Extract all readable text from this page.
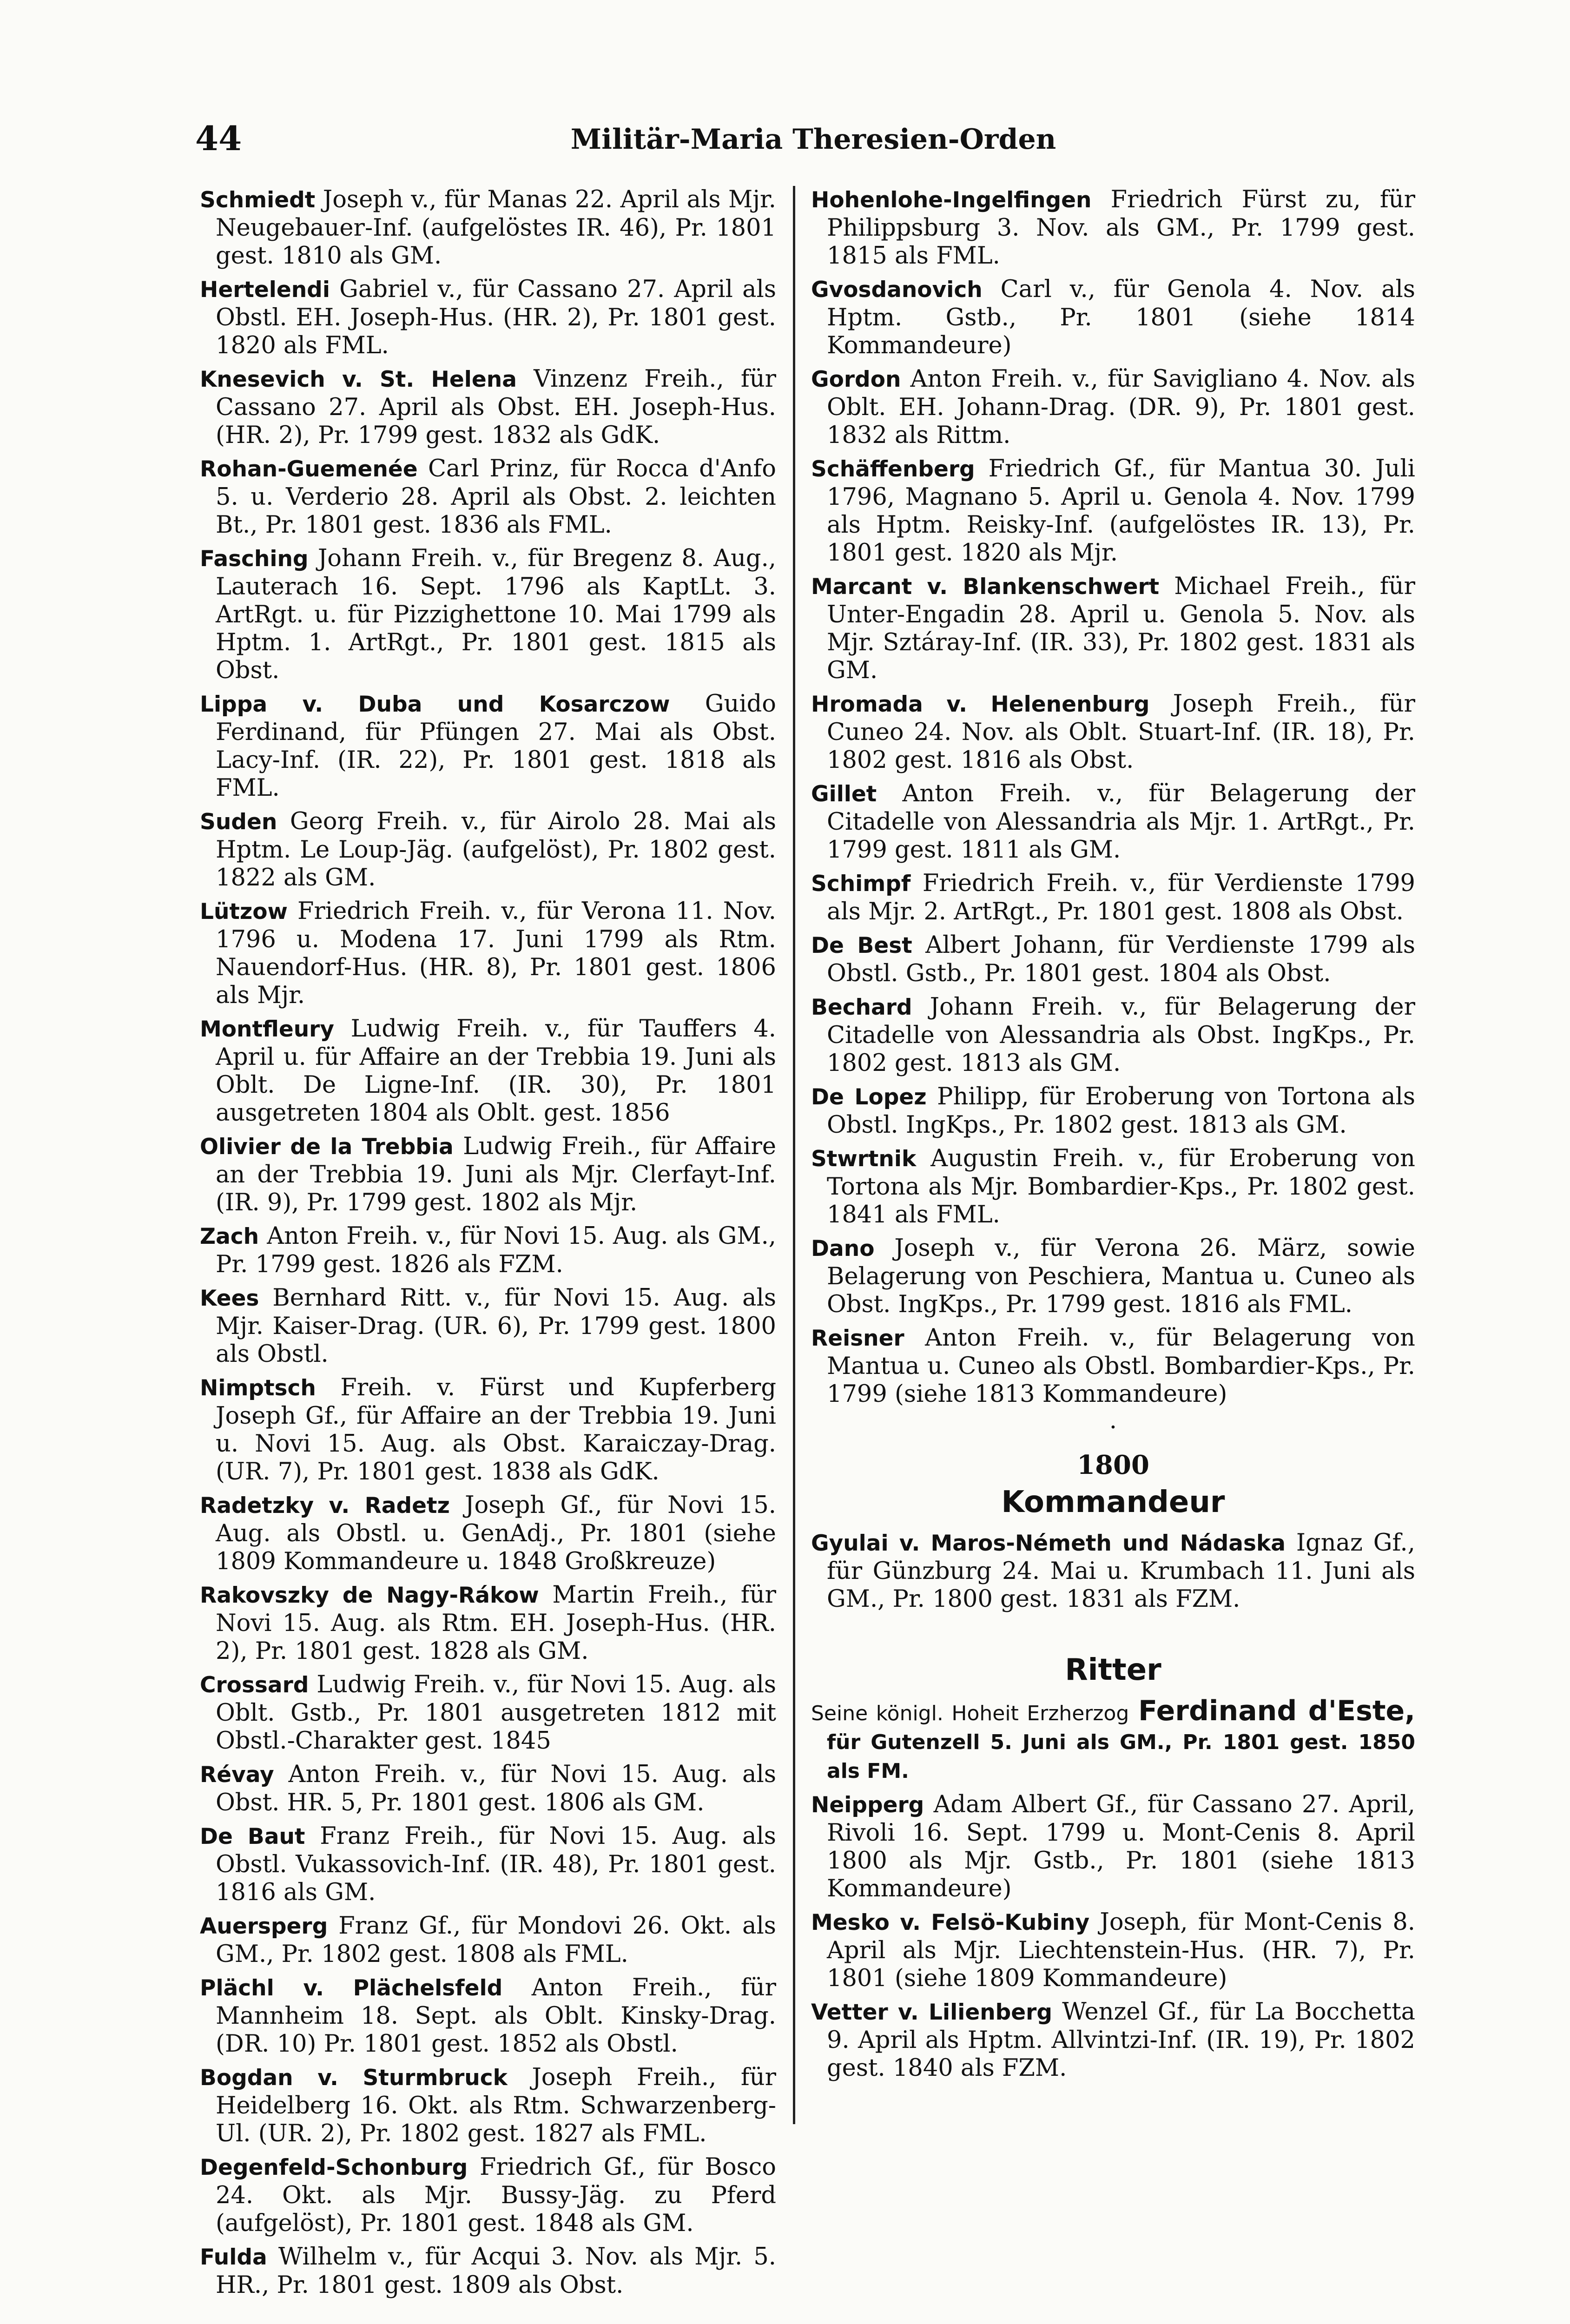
44	Militär-Maria Theresien-Orden

Schmiedt Joseph v., für Manas 22. April als Mjr. Neugebauer-Inf. (aufgelöstes IR. 46), Pr. 1801 gest. 1810 als GM.

Hertelendi Gabriel v., für Cassano 27. April als Obstl. EH. Joseph-Hus. (HR. 2), Pr. 1801 gest. 1820 als FML.

Knesevich v. St. Helena Vinzenz Freih., für Cassano 27. April als Obst. EH. Joseph-Hus. (HR. 2), Pr. 1799 gest. 1832 als GdK.

Rohan-Guemenée Carl Prinz, für Rocca d'Anfo 5. u. Verderio 28. April als Obst. 2. leichten Bt., Pr. 1801 gest. 1836 als FML.

Fasching Johann Freih. v., für Bregenz 8. Aug., Lauterach 16. Sept. 1796 als KaptLt. 3. ArtRgt. u. für Pizzighettone 10. Mai 1799 als Hptm. 1. ArtRgt., Pr. 1801 gest. 1815 als Obst.

Lippa v. Duba und Kosarczow Guido Ferdinand, für Pfüngen 27. Mai als Obst. Lacy-Inf. (IR. 22), Pr. 1801 gest. 1818 als FML.

Suden Georg Freih. v., für Airolo 28. Mai als Hptm. Le Loup-Jäg. (aufgelöst), Pr. 1802 gest. 1822 als GM.

Lützow Friedrich Freih. v., für Verona 11. Nov. 1796 u. Modena 17. Juni 1799 als Rtm. Nauendorf-Hus. (HR. 8), Pr. 1801 gest. 1806 als Mjr.

Montfleury Ludwig Freih. v., für Tauffers 4. April u. für Affaire an der Trebbia 19. Juni als Oblt. De Ligne-Inf. (IR. 30), Pr. 1801 ausgetreten 1804 als Oblt. gest. 1856

Olivier de la Trebbia Ludwig Freih., für Affaire an der Trebbia 19. Juni als Mjr. Clerfayt-Inf. (IR. 9), Pr. 1799 gest. 1802 als Mjr.

Zach Anton Freih. v., für Novi 15. Aug. als GM., Pr. 1799 gest. 1826 als FZM.

Kees Bernhard Ritt. v., für Novi 15. Aug. als Mjr. Kaiser-Drag. (UR. 6), Pr. 1799 gest. 1800 als Obstl.

Nimptsch Freih. v. Fürst und Kupferberg Joseph Gf., für Affaire an der Trebbia 19. Juni u. Novi 15. Aug. als Obst. Karaiczay-Drag. (UR. 7), Pr. 1801 gest. 1838 als GdK.

Radetzky v. Radetz Joseph Gf., für Novi 15. Aug. als Obstl. u. GenAdj., Pr. 1801 (siehe 1809 Kommandeure u. 1848 Großkreuze)

Rakovszky de Nagy-Rákow Martin Freih., für Novi 15. Aug. als Rtm. EH. Joseph-Hus. (HR. 2), Pr. 1801 gest. 1828 als GM.

Crossard Ludwig Freih. v., für Novi 15. Aug. als Oblt. Gstb., Pr. 1801 ausgetreten 1812 mit Obstl.-Charakter gest. 1845

Révay Anton Freih. v., für Novi 15. Aug. als Obst. HR. 5, Pr. 1801 gest. 1806 als GM.

De Baut Franz Freih., für Novi 15. Aug. als Obstl. Vukassovich-Inf. (IR. 48), Pr. 1801 gest. 1816 als GM.

Auersperg Franz Gf., für Mondovi 26. Okt. als GM., Pr. 1802 gest. 1808 als FML.

Plächl v. Plächelsfeld Anton Freih., für Mannheim 18. Sept. als Oblt. Kinsky-Drag. (DR. 10) Pr. 1801 gest. 1852 als Obstl.

Bogdan v. Sturmbruck Joseph Freih., für Heidelberg 16. Okt. als Rtm. Schwarzenberg-Ul. (UR. 2), Pr. 1802 gest. 1827 als FML.

Degenfeld-Schonburg Friedrich Gf., für Bosco 24. Okt. als Mjr. Bussy-Jäg. zu Pferd (aufgelöst), Pr. 1801 gest. 1848 als GM.

Fulda Wilhelm v., für Acqui 3. Nov. als Mjr. 5. HR., Pr. 1801 gest. 1809 als Obst.

Hohenlohe-Ingelfingen Friedrich Fürst zu, für Philippsburg 3. Nov. als GM., Pr. 1799 gest. 1815 als FML.

Gvosdanovich Carl v., für Genola 4. Nov. als Hptm. Gstb., Pr. 1801 (siehe 1814 Kommandeure)

Gordon Anton Freih. v., für Savigliano 4. Nov. als Oblt. EH. Johann-Drag. (DR. 9), Pr. 1801 gest. 1832 als Rittm.

Schäffenberg Friedrich Gf., für Mantua 30. Juli 1796, Magnano 5. April u. Genola 4. Nov. 1799 als Hptm. Reisky-Inf. (aufgelöstes IR. 13), Pr. 1801 gest. 1820 als Mjr.

Marcant v. Blankenschwert Michael Freih., für Unter-Engadin 28. April u. Genola 5. Nov. als Mjr. Sztáray-Inf. (IR. 33), Pr. 1802 gest. 1831 als GM.

Hromada v. Helenenburg Joseph Freih., für Cuneo 24. Nov. als Oblt. Stuart-Inf. (IR. 18), Pr. 1802 gest. 1816 als Obst.

Gillet Anton Freih. v., für Belagerung der Citadelle von Alessandria als Mjr. 1. ArtRgt., Pr. 1799 gest. 1811 als GM.

Schimpf Friedrich Freih. v., für Verdienste 1799 als Mjr. 2. ArtRgt., Pr. 1801 gest. 1808 als Obst.

De Best Albert Johann, für Verdienste 1799 als Obstl. Gstb., Pr. 1801 gest. 1804 als Obst.

Bechard Johann Freih. v., für Belagerung der Citadelle von Alessandria als Obst. IngKps., Pr. 1802 gest. 1813 als GM.

De Lopez Philipp, für Eroberung von Tortona als Obstl. IngKps., Pr. 1802 gest. 1813 als GM.

Stwrtnik Augustin Freih. v., für Eroberung von Tortona als Mjr. Bombardier-Kps., Pr. 1802 gest. 1841 als FML.

Dano Joseph v., für Verona 26. März, sowie Belagerung von Peschiera, Mantua u. Cuneo als Obst. IngKps., Pr. 1799 gest. 1816 als FML.

Reisner Anton Freih. v., für Belagerung von Mantua u. Cuneo als Obstl. Bombardier-Kps., Pr. 1799 (siehe 1813 Kommandeure)

·
1800
Kommandeur

Gyulai v. Maros-Németh und Nádaska Ignaz Gf., für Günzburg 24. Mai u. Krumbach 11. Juni als GM., Pr. 1800 gest. 1831 als FZM.

Ritter
Seine königl. Hoheit Erzherzog Ferdinand d'Este, für Gutenzell 5. Juni als GM., Pr. 1801 gest. 1850 als FM.

Neipperg Adam Albert Gf., für Cassano 27. April, Rivoli 16. Sept. 1799 u. Mont-Cenis 8. April 1800 als Mjr. Gstb., Pr. 1801 (siehe 1813 Kommandeure)

Mesko v. Felsö-Kubiny Joseph, für Mont-Cenis 8. April als Mjr. Liechtenstein-Hus. (HR. 7), Pr. 1801 (siehe 1809 Kommandeure)

Vetter v. Lilienberg Wenzel Gf., für La Bocchetta 9. April als Hptm. Allvintzi-Inf. (IR. 19), Pr. 1802 gest. 1840 als FZM.
